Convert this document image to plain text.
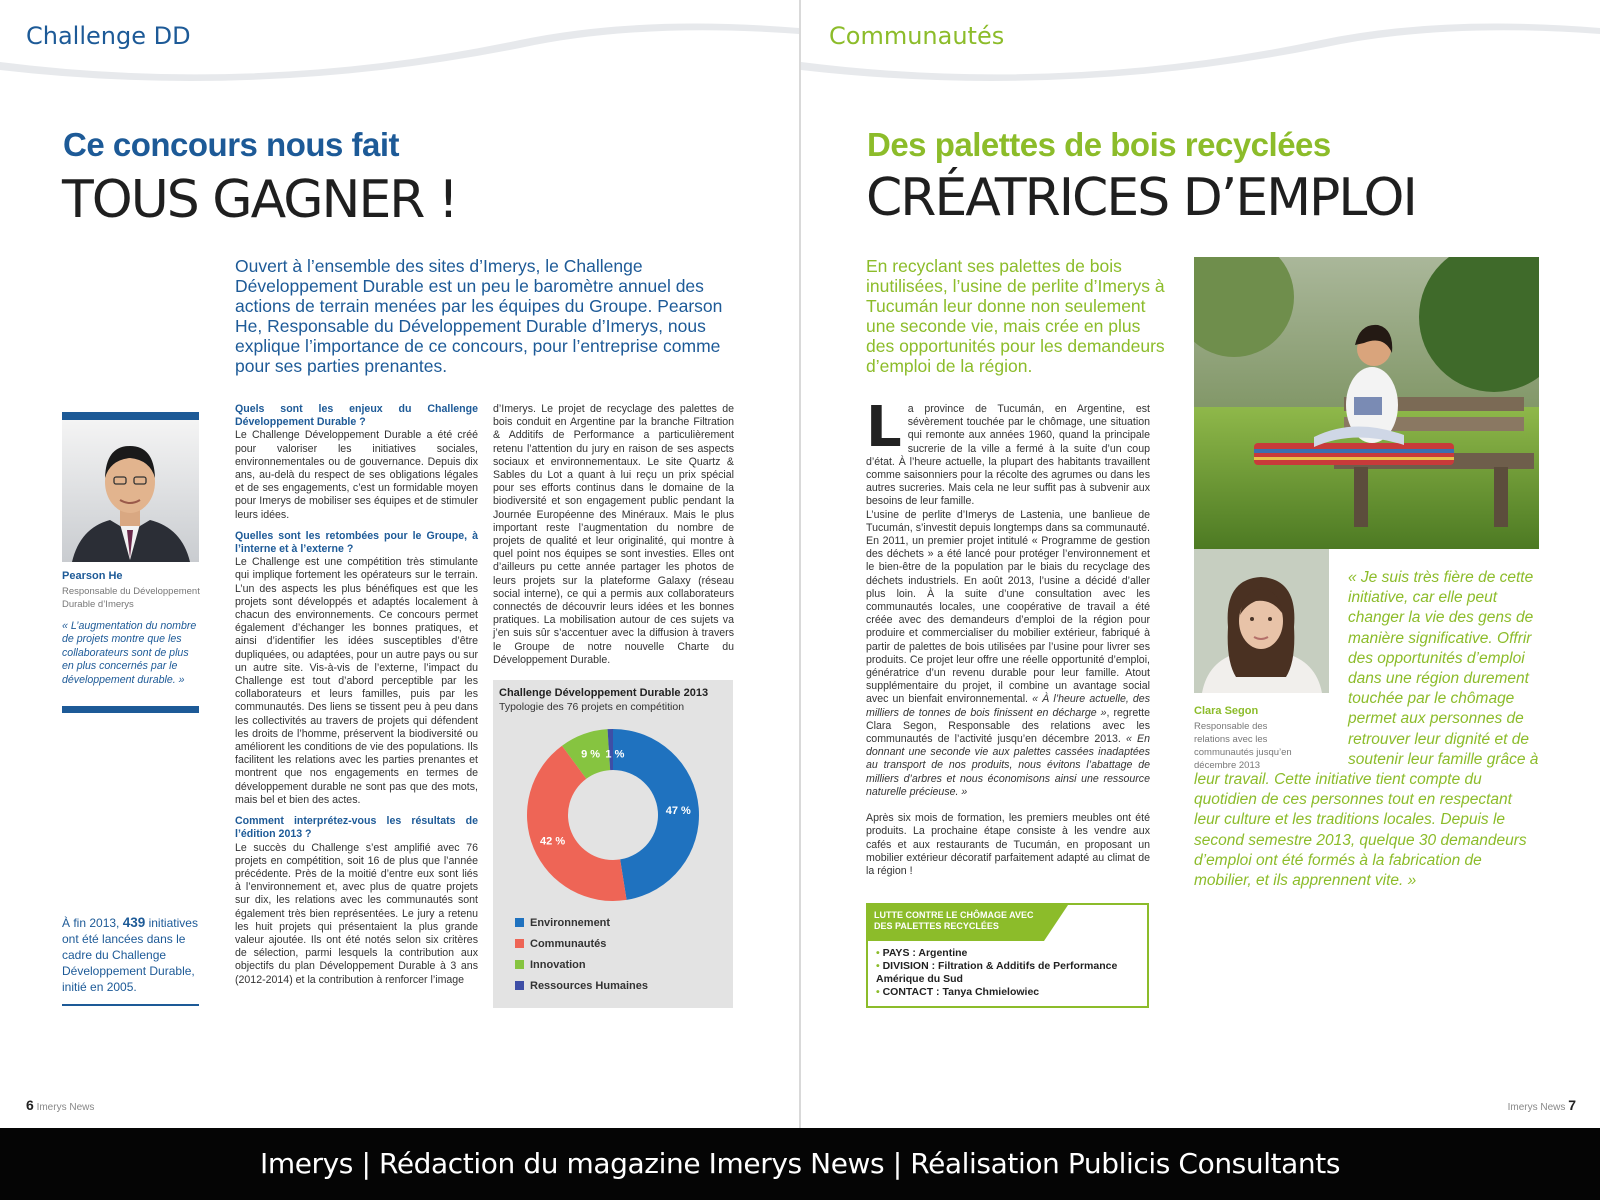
Challenge DD
Ce concours nous fait
TOUS GAGNER !
Ouvert à l’ensemble des sites d’Imerys, le Challenge Développement Durable est un peu le baromètre annuel des actions de terrain menées par les équipes du Groupe. Pearson He, Responsable du Développement Durable d’Imerys, nous explique l’importance de ce concours, pour l’entreprise comme pour ses parties prenantes.
Pearson He
Responsable du Développement Durable d’Imerys
« L’augmentation du nombre de projets montre que les collaborateurs sont de plus en plus concernés par le développement durable. »
À fin 2013, 439 initiatives ont été lancées dans le cadre du Challenge Développement Durable, initié en 2005.
Quels sont les enjeux du Challenge Développement Durable ?
Le Challenge Développement Durable a été créé pour valoriser les initiatives sociales, environnementales ou de gouvernance. Depuis dix ans, au-delà du respect de ses obligations légales et de ses engagements, c’est un formidable moyen pour Imerys de mobiliser ses équipes et de stimuler leurs idées.
Quelles sont les retombées pour le Groupe, à l’interne et à l’externe ?
Le Challenge est une compétition très stimulante qui implique fortement les opérateurs sur le terrain. L’un des aspects les plus bénéfiques est que les projets sont développés et adaptés localement à chacun des environnements. Ce concours permet également d’échanger les bonnes pratiques, et ainsi d’identifier les idées susceptibles d’être dupliquées, ou adaptées, pour un autre pays ou sur un autre site. Vis-à-vis de l’externe, l’impact du Challenge est tout d’abord perceptible par les collaborateurs et leurs familles, puis par les communautés. Des liens se tissent peu à peu dans les collectivités au travers de projets qui défendent les droits de l’homme, préservent la biodiversité ou améliorent les conditions de vie des populations. Ils facilitent les relations avec les parties prenantes et montrent que nos engagements en termes de développement durable ne sont pas que des mots, mais bel et bien des actes.
Comment interprétez-vous les résultats de l’édition 2013 ?
Le succès du Challenge s’est amplifié avec 76 projets en compétition, soit 16 de plus que l’année précédente. Près de la moitié d’entre eux sont liés à l’environnement et, avec plus de quatre projets sur dix, les relations avec les communautés sont également très bien représentées. Le jury a retenu les huit projets qui présentaient la plus grande valeur ajoutée. Ils ont été notés selon six critères de sélection, parmi lesquels la contribution aux objectifs du plan Développement Durable à 3 ans (2012-2014) et la contribution à renforcer l’image
d’Imerys. Le projet de recyclage des palettes de bois conduit en Argentine par la branche Filtration & Additifs de Performance a particulièrement retenu l’attention du jury en raison de ses aspects sociaux et environnementaux. Le site Quartz & Sables du Lot a quant à lui reçu un prix spécial pour ses efforts continus dans le domaine de la biodiversité et son engagement public pendant la Journée Européenne des Minéraux. Mais le plus important reste l’augmentation du nombre de projets de qualité et leur originalité, qui montre à quel point nos équipes se sont investies. Elles ont d’ailleurs pu cette année partager les photos de leurs projets sur la plateforme Galaxy (réseau social interne), ce qui a permis aux collaborateurs connectés de découvrir leurs idées et les bonnes pratiques. La mobilisation autour de ces sujets va j’en suis sûr s’accentuer avec la diffusion à travers le Groupe de notre nouvelle Charte du Développement Durable.
47 %
42 %
9 % 1 %
Challenge Développement Durable 2013
Typologie des 76 projets en compétition
Environnement
Communautés
Innovation
Ressources Humaines
6 Imerys News
Communautés
Des palettes de bois recyclées
CRÉATRICES D’EMPLOI
En recyclant ses palettes de bois inutilisées, l’usine de perlite d’Imerys à Tucumán leur donne non seulement une seconde vie, mais crée en plus des opportunités pour les demandeurs d’emploi de la région.
L a province de Tucumán, en Argentine, est sévèrement touchée par le chômage, une situation qui remonte aux années 1960, quand la principale sucrerie de la ville a fermé à la suite d’un coup d’état. À l’heure actuelle, la plupart des habitants travaillent comme saisonniers pour la récolte des agrumes ou dans les autres sucreries. Mais cela ne leur suffit pas à subvenir aux besoins de leur famille.
L’usine de perlite d’Imerys de Lastenia, une banlieue de Tucumán, s’investit depuis longtemps dans sa communauté. En 2011, un premier projet intitulé « Programme de gestion des déchets » a été lancé pour protéger l’environnement et le bien-être de la population par le biais du recyclage des déchets industriels. En août 2013, l’usine a décidé d’aller plus loin. À la suite d’une consultation avec les communautés locales, une coopérative de travail a été créée avec des demandeurs d’emploi de la région pour produire et commercialiser du mobilier extérieur, fabriqué à partir de palettes de bois utilisées par l’usine pour livrer ses produits. Ce projet leur offre une réelle opportunité d’emploi, génératrice d’un revenu durable pour leur famille. Atout supplémentaire du projet, il combine un avantage social avec un bienfait environnemental. « À l’heure actuelle, des milliers de tonnes de bois finissent en décharge », regrette Clara Segon, Responsable des relations avec les communautés de l’activité jusqu’en décembre 2013. « En donnant une seconde vie aux palettes cassées inadaptées au transport de nos produits, nous évitons l’abattage de milliers d’arbres et nous économisons ainsi une ressource naturelle précieuse. »
Après six mois de formation, les premiers meubles ont été produits. La prochaine étape consiste à les vendre aux cafés et aux restaurants de Tucumán, en proposant un mobilier extérieur décoratif parfaitement adapté au climat de la région !
Clara Segon
Responsable des relations avec les communautés jusqu’en décembre 2013
« Je suis très fière de cette initiative, car elle peut changer la vie des gens de manière significative. Offrir des opportunités d’emploi dans une région durement touchée par le chômage permet aux personnes de retrouver leur dignité et de soutenir leur famille grâce à leur travail. Cette initiative tient compte du quotidien de ces personnes tout en respectant leur culture et les traditions locales. Depuis le second semestre 2013, quelque 30 demandeurs d’emploi ont été formés à la fabrication de mobilier, et ils apprennent vite. »
LUTTE CONTRE LE CHÔMAGE AVEC DES PALETTES RECYCLÉES
• PAYS : Argentine
• DIVISION : Filtration & Additifs de Performance Amérique du Sud
• CONTACT : Tanya Chmielowiec
Imerys News 7
Imerys | Rédaction du magazine Imerys News | Réalisation Publicis Consultants
